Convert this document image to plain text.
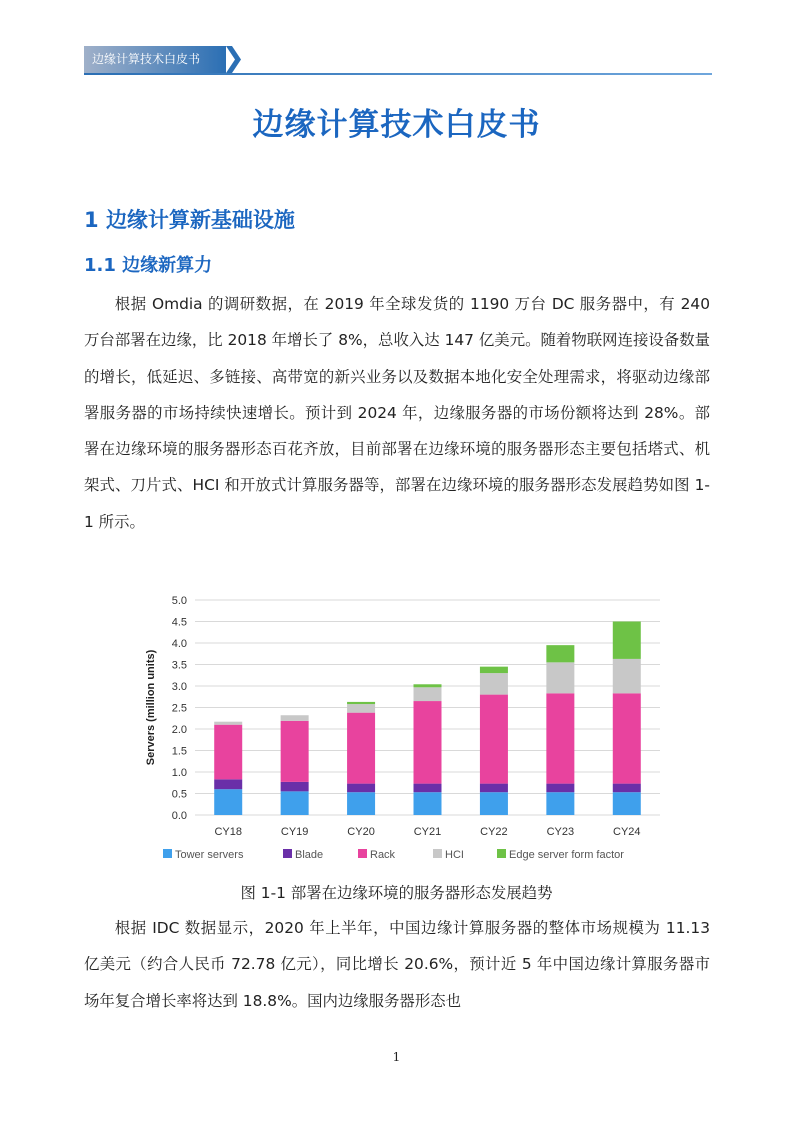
边缘计算技术白皮书
边缘计算技术白皮书
1 边缘计算新基础设施
1.1 边缘新算力

根据 Omdia 的调研数据，在 2019 年全球发货的 1190 万台 DC 服务器中，有 240 万台部署在边缘，比 2018 年增长了 8%，总收入达 147 亿美元。随着物联网连接设备数量的增长，低延迟、多链接、高带宽的新兴业务以及数据本地化安全处理需求，将驱动边缘部署服务器的市场持续快速增长。预计到 2024 年，边缘服务器的市场份额将达到 28%。部署在边缘环境的服务器形态百花齐放，目前部署在边缘环境的服务器形态主要包括塔式、机架式、刀片式、HCI 和开放式计算服务器等，部署在边缘环境的服务器形态发展趋势如图 1-1 所示。

0.0
0.5
1.0
1.5
2.0
2.5
3.0
3.5
4.0
4.5
5.0
Servers (million units)
CY18	CY19	CY20	CY21	CY22	CY23	CY24
Tower servers	Blade	Rack	HCI	Edge server form factor
图 1-1 部署在边缘环境的服务器形态发展趋势

根据 IDC 数据显示，2020 年上半年，中国边缘计算服务器的整体市场规模为 11.13 亿美元（约合人民币 72.78 亿元），同比增长 20.6%，预计近 5 年中国边缘计算服务器市场年复合增长率将达到 18.8%。国内边缘服务器形态也

1
